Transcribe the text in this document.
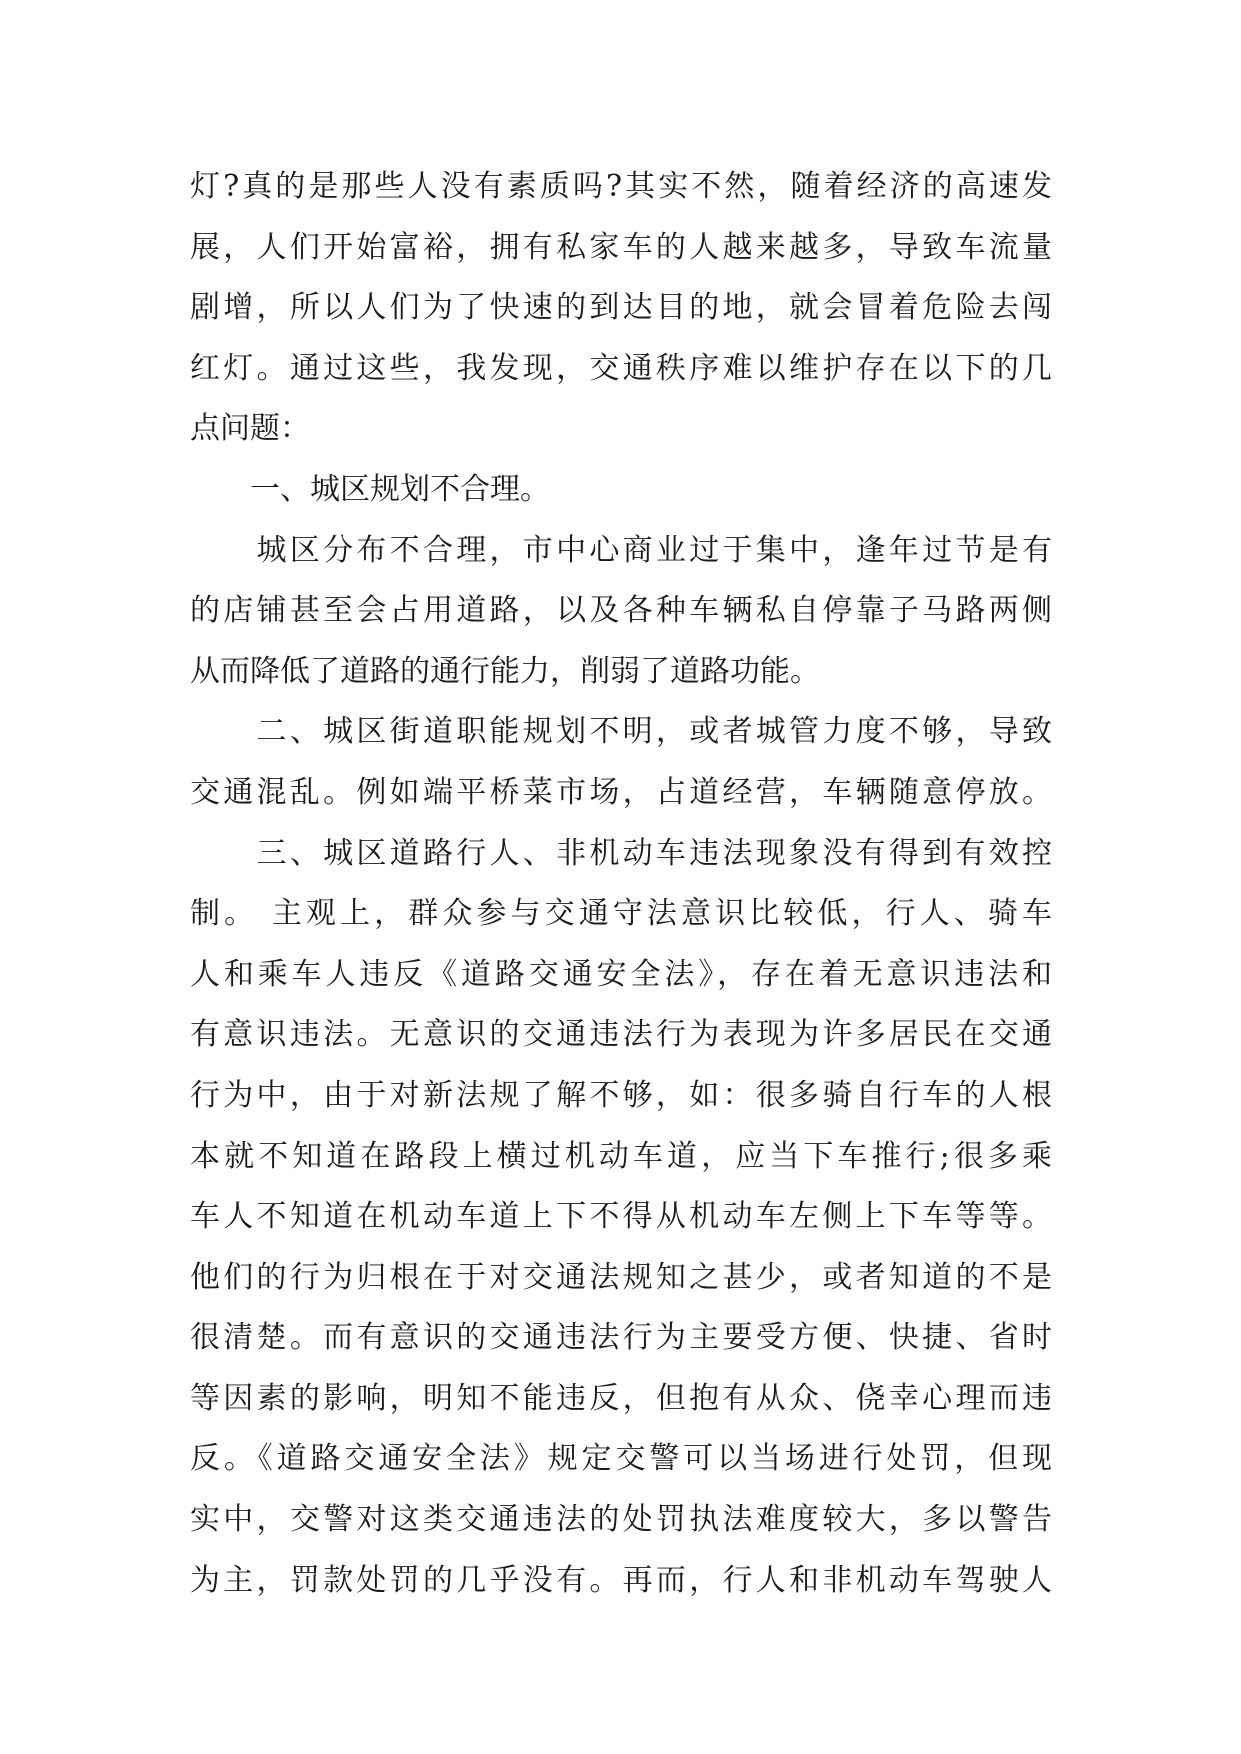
灯?真的是那些人没有素质吗?其实不然，随着经济的高速发
展，人们开始富裕，拥有私家车的人越来越多，导致车流量
剧增，所以人们为了快速的到达目的地，就会冒着危险去闯
红灯。通过这些，我发现，交通秩序难以维护存在以下的几
点问题：
　　一、城区规划不合理。
　　城区分布不合理，市中心商业过于集中，逢年过节是有
的店铺甚至会占用道路，以及各种车辆私自停靠子马路两侧
从而降低了道路的通行能力，削弱了道路功能。
　　二、城区街道职能规划不明，或者城管力度不够，导致
交通混乱。例如端平桥菜市场，占道经营，车辆随意停放。
　　三、城区道路行人、非机动车违法现象没有得到有效控
制。 主观上，群众参与交通守法意识比较低，行人、骑车
人和乘车人违反《道路交通安全法》，存在着无意识违法和
有意识违法。无意识的交通违法行为表现为许多居民在交通
行为中，由于对新法规了解不够，如：很多骑自行车的人根
本就不知道在路段上横过机动车道，应当下车推行;很多乘
车人不知道在机动车道上下不得从机动车左侧上下车等等。
他们的行为归根在于对交通法规知之甚少，或者知道的不是
很清楚。而有意识的交通违法行为主要受方便、快捷、省时
等因素的影响，明知不能违反，但抱有从众、侥幸心理而违
反。《道路交通安全法》规定交警可以当场进行处罚，但现
实中，交警对这类交通违法的处罚执法难度较大，多以警告
为主，罚款处罚的几乎没有。再而，行人和非机动车驾驶人
